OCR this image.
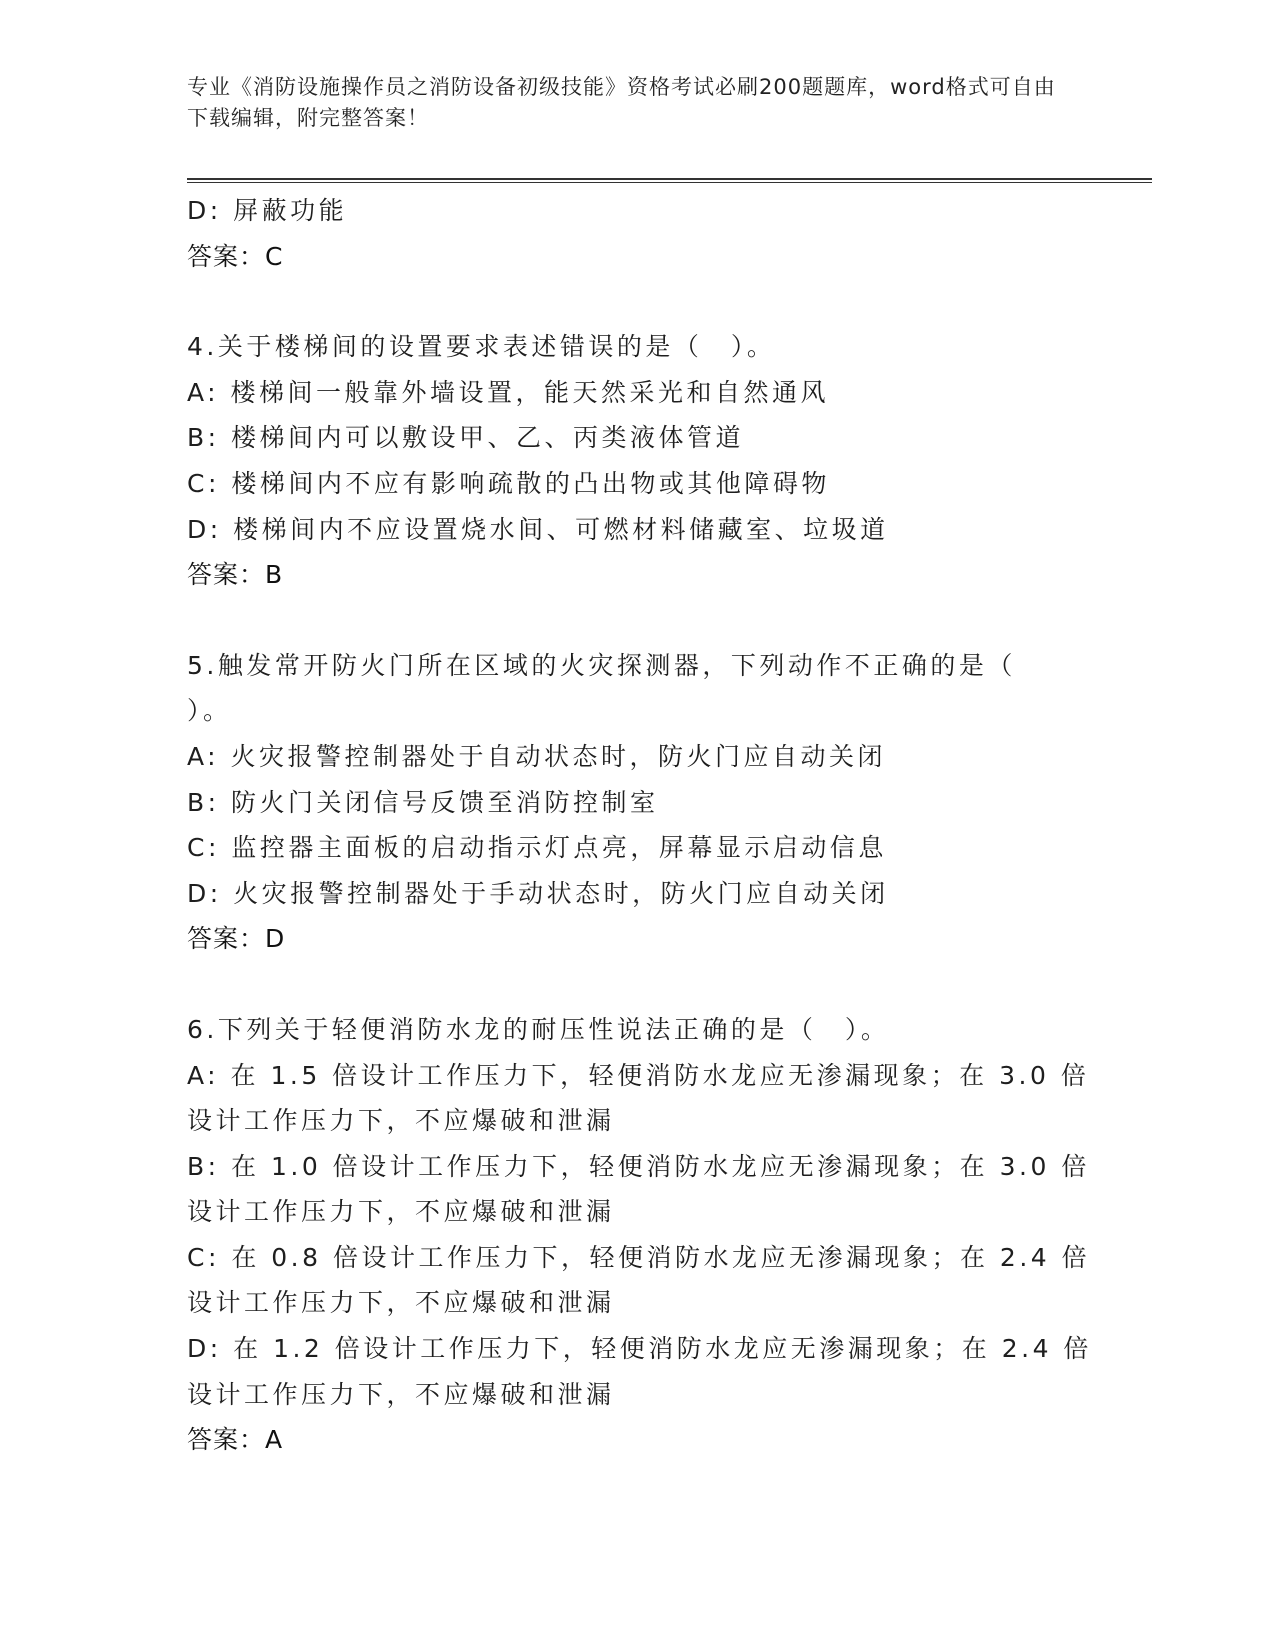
专业《消防设施操作员之消防设备初级技能》资格考试必刷200题题库，word格式可自由下载编辑，附完整答案！
D: 屏蔽功能
答案：C
4.关于楼梯间的设置要求表述错误的是（　）。
A: 楼梯间一般靠外墙设置，能天然采光和自然通风
B: 楼梯间内可以敷设甲、乙、丙类液体管道
C: 楼梯间内不应有影响疏散的凸出物或其他障碍物
D: 楼梯间内不应设置烧水间、可燃材料储藏室、垃圾道
答案：B
5.触发常开防火门所在区域的火灾探测器，下列动作不正确的是（
）。
A: 火灾报警控制器处于自动状态时，防火门应自动关闭
B: 防火门关闭信号反馈至消防控制室
C: 监控器主面板的启动指示灯点亮，屏幕显示启动信息
D: 火灾报警控制器处于手动状态时，防火门应自动关闭
答案：D
6.下列关于轻便消防水龙的耐压性说法正确的是（　）。
A: 在 1.5 倍设计工作压力下，轻便消防水龙应无渗漏现象；在 3.0 倍
设计工作压力下，不应爆破和泄漏
B: 在 1.0 倍设计工作压力下，轻便消防水龙应无渗漏现象；在 3.0 倍
设计工作压力下，不应爆破和泄漏
C: 在 0.8 倍设计工作压力下，轻便消防水龙应无渗漏现象；在 2.4 倍
设计工作压力下，不应爆破和泄漏
D: 在 1.2 倍设计工作压力下，轻便消防水龙应无渗漏现象；在 2.4 倍
设计工作压力下，不应爆破和泄漏
答案：A
